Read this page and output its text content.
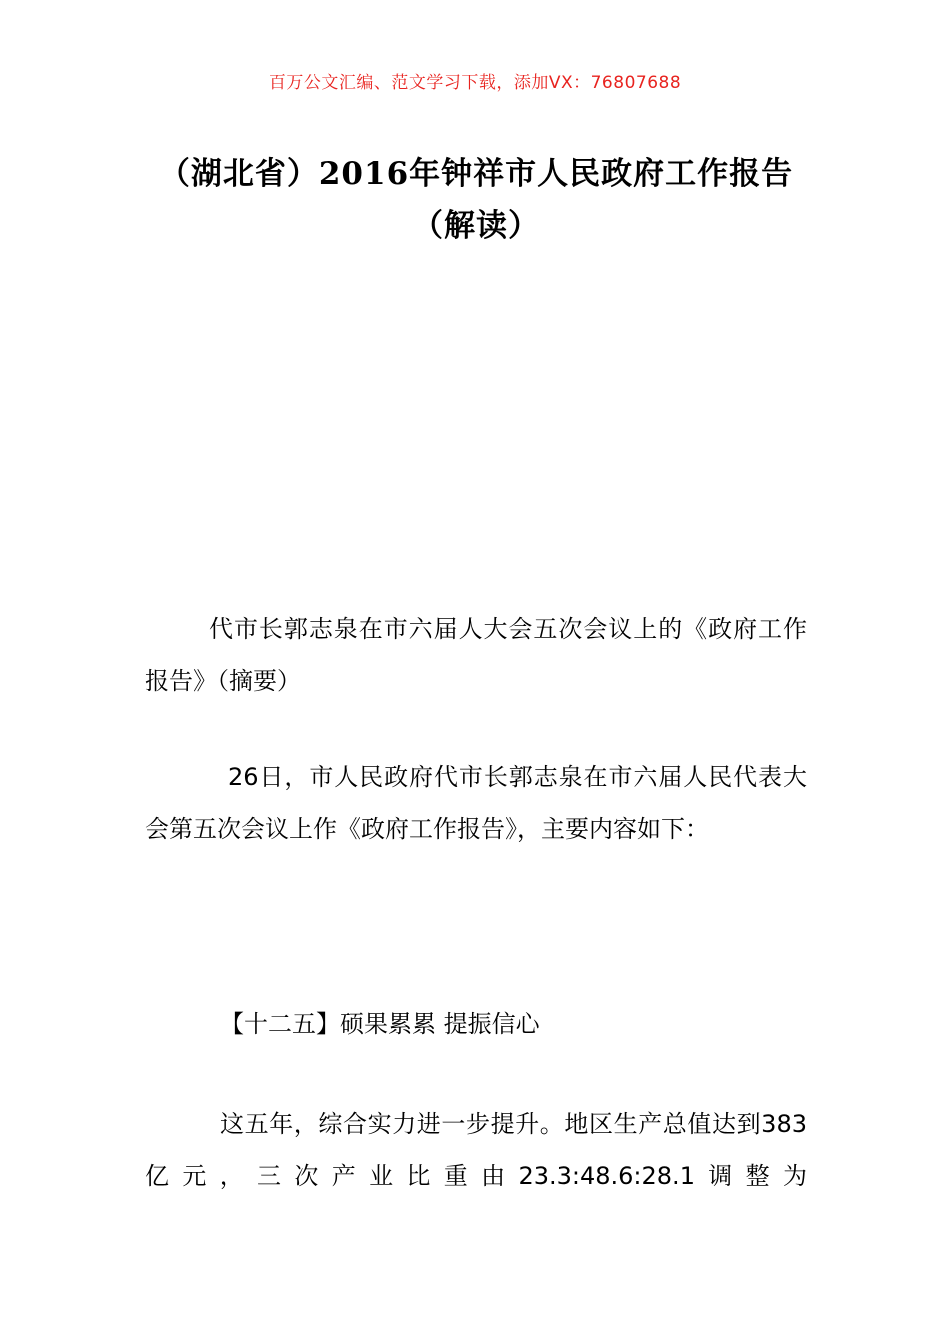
百万公文汇编、范文学习下载，添加VX：76807688
（湖北省）2016年钟祥市人民政府工作报告（解读）
代市长郭志泉在市六届人大会五次会议上的《政府工作报告》（摘要）
26日，市人民政府代市长郭志泉在市六届人民代表大会第五次会议上作《政府工作报告》，主要内容如下：
【十二五】硕果累累 提振信心
这五年，综合实力进一步提升。地区生产总值达到383亿元，三次产业比重由23.3:48.6:28.1调整为
